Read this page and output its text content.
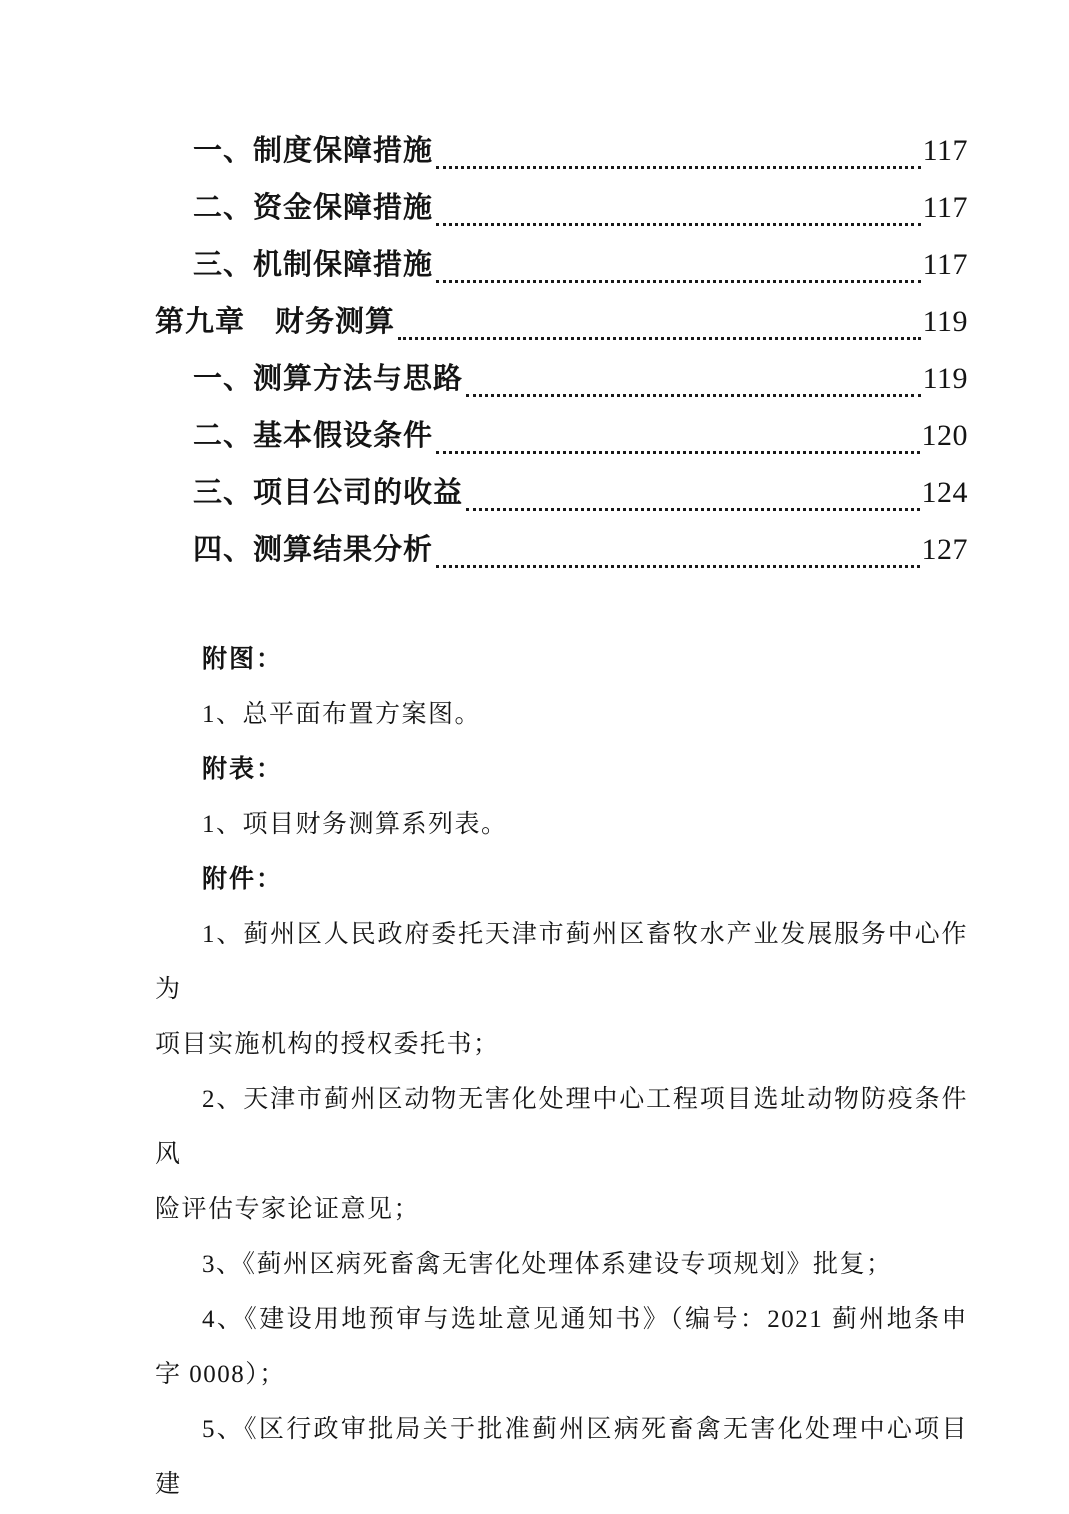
一、制度保障措施	117
二、资金保障措施	117
三、机制保障措施	117
第九章　财务测算	119
一、测算方法与思路	119
二、基本假设条件	120
三、项目公司的收益	124
四、测算结果分析	127
附图：
1、总平面布置方案图。
附表：
1、项目财务测算系列表。
附件：
1、蓟州区人民政府委托天津市蓟州区畜牧水产业发展服务中心作为
项目实施机构的授权委托书；
2、天津市蓟州区动物无害化处理中心工程项目选址动物防疫条件风
险评估专家论证意见；
3、《蓟州区病死畜禽无害化处理体系建设专项规划》批复；
4、《建设用地预审与选址意见通知书》（编号：2021 蓟州地条申
字 0008）；
5、《区行政审批局关于批准蓟州区病死畜禽无害化处理中心项目建
